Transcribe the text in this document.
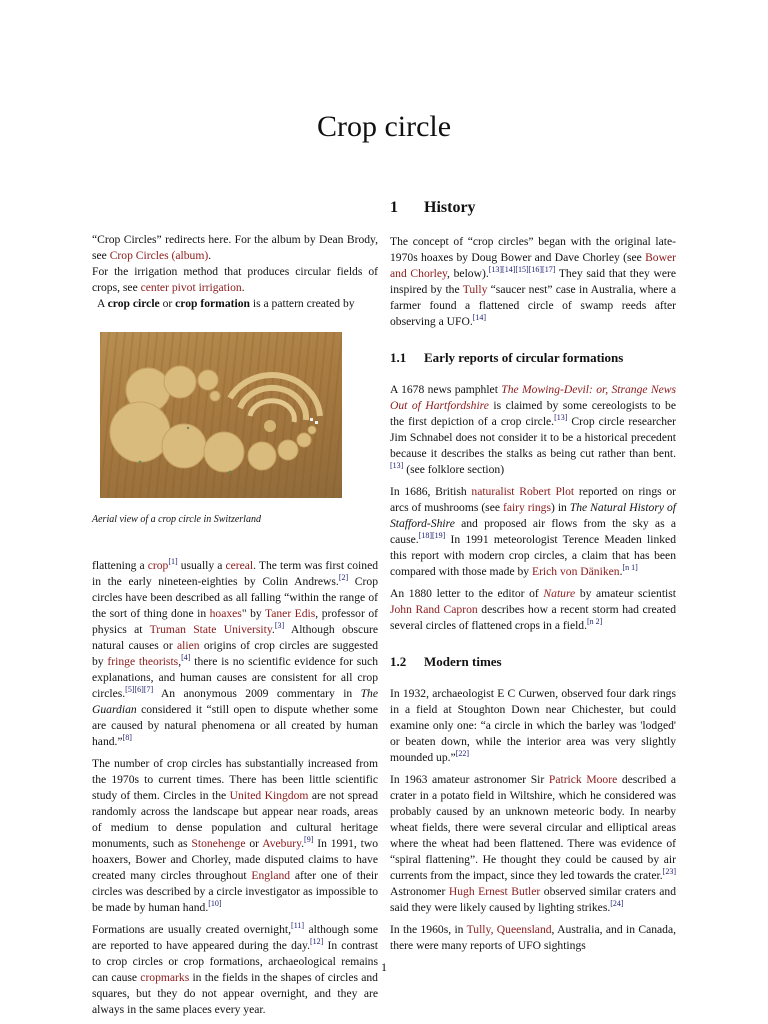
Crop circle

“Crop Circles” redirects here. For the album by Dean Brody, see Crop Circles (album).

For the irrigation method that produces circular fields of crops, see center pivot irrigation.

A crop circle or crop formation is a pattern created by

Aerial view of a crop circle in Switzerland

flattening a crop[1] usually a cereal. The term was first coined in the early nineteen-eighties by Colin Andrews.[2] Crop circles have been described as all falling “within the range of the sort of thing done in hoaxes" by Taner Edis, professor of physics at Truman State University.[3] Although obscure natural causes or alien origins of crop circles are suggested by fringe theorists,[4] there is no scientific evidence for such explanations, and human causes are consistent for all crop circles.[5][6][7] An anonymous 2009 commentary in The Guardian considered it “still open to dispute whether some are caused by natural phenomena or all created by human hand.”[8]

The number of crop circles has substantially increased from the 1970s to current times. There has been little scientific study of them. Circles in the United Kingdom are not spread randomly across the landscape but appear near roads, areas of medium to dense population and cultural heritage monuments, such as Stonehenge or Avebury.[9] In 1991, two hoaxers, Bower and Chorley, made disputed claims to have created many circles throughout England after one of their circles was described by a circle investigator as impossible to be made by human hand.[10]

Formations are usually created overnight,[11] although some are reported to have appeared during the day.[12] In contrast to crop circles or crop formations, archaeological remains can cause cropmarks in the fields in the shapes of circles and squares, but they do not appear overnight, and they are always in the same places every year.

1 History

The concept of “crop circles” began with the original late-1970s hoaxes by Doug Bower and Dave Chorley (see Bower and Chorley, below).[13][14][15][16][17] They said that they were inspired by the Tully “saucer nest” case in Australia, where a farmer found a flattened circle of swamp reeds after observing a UFO.[14]

1.1 Early reports of circular formations

A 1678 news pamphlet The Mowing-Devil: or, Strange News Out of Hartfordshire is claimed by some cereologists to be the first depiction of a crop circle.[13] Crop circle researcher Jim Schnabel does not consider it to be a historical precedent because it describes the stalks as being cut rather than bent.[13] (see folklore section)

In 1686, British naturalist Robert Plot reported on rings or arcs of mushrooms (see fairy rings) in The Natural History of Stafford-Shire and proposed air flows from the sky as a cause.[18][19] In 1991 meteorologist Terence Meaden linked this report with modern crop circles, a claim that has been compared with those made by Erich von Däniken.[n 1]

An 1880 letter to the editor of Nature by amateur scientist John Rand Capron describes how a recent storm had created several circles of flattened crops in a field.[n 2]

1.2 Modern times

In 1932, archaeologist E C Curwen, observed four dark rings in a field at Stoughton Down near Chichester, but could examine only one: “a circle in which the barley was 'lodged' or beaten down, while the interior area was very slightly mounded up.”[22]

In 1963 amateur astronomer Sir Patrick Moore described a crater in a potato field in Wiltshire, which he considered was probably caused by an unknown meteoric body. In nearby wheat fields, there were several circular and elliptical areas where the wheat had been flattened. There was evidence of “spiral flattening”. He thought they could be caused by air currents from the impact, since they led towards the crater.[23] Astronomer Hugh Ernest Butler observed similar craters and said they were likely caused by lighting strikes.[24]

In the 1960s, in Tully, Queensland, Australia, and in Canada, there were many reports of UFO sightings

1
